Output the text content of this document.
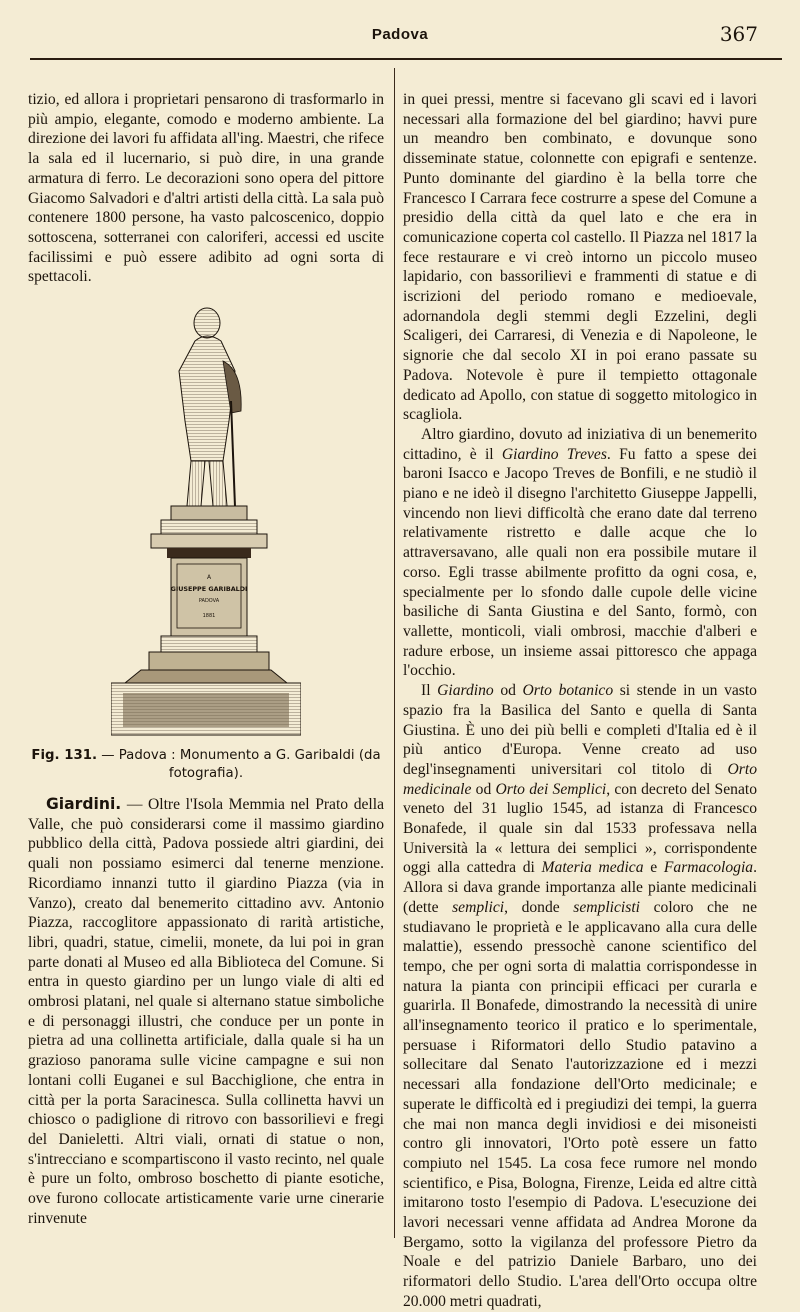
Padova	367

tizio, ed allora i proprietari pensarono di trasformarlo in più ampio, elegante, comodo e moderno ambiente. La direzione dei lavori fu affidata all'ing. Maestri, che rifece la sala ed il lucernario, si può dire, in una grande armatura di ferro. Le decorazioni sono opera del pittore Giacomo Salvadori e d'altri artisti della città. La sala può contenere 1800 persone, ha vasto palcoscenico, doppio sottoscena, sotterranei con caloriferi, accessi ed uscite facilissimi e può essere adibito ad ogni sorta di spettacoli.

A
GIUSEPPE GARIBALDI
PADOVA
1881
Fig. 131. — Padova : Monumento a G. Garibaldi (da fotografia).

Giardini. — Oltre l'Isola Memmia nel Prato della Valle, che può considerarsi come il massimo giardino pubblico della città, Padova possiede altri giardini, dei quali non possiamo esimerci dal tenerne menzione. Ricordiamo innanzi tutto il giardino Piazza (via in Vanzo), creato dal benemerito cittadino avv. Antonio Piazza, raccoglitore appassionato di rarità artistiche, libri, quadri, statue, cimelii, monete, da lui poi in gran parte donati al Museo ed alla Biblioteca del Comune. Si entra in questo giardino per un lungo viale di alti ed ombrosi platani, nel quale si alternano statue simboliche e di personaggi illustri, che conduce per un ponte in pietra ad una collinetta artificiale, dalla quale si ha un grazioso panorama sulle vicine campagne e sui non lontani colli Euganei e sul Bacchiglione, che entra in città per la porta Saracinesca. Sulla collinetta havvi un chiosco o padiglione di ritrovo con bassorilievi e fregi del Danieletti. Altri viali, ornati di statue o non, s'intrecciano e scompartiscono il vasto recinto, nel quale è pure un folto, ombroso boschetto di piante esotiche, ove furono collocate artisticamente varie urne cinerarie rinvenute

in quei pressi, mentre si facevano gli scavi ed i lavori necessari alla formazione del bel giardino; havvi pure un meandro ben combinato, e dovunque sono disseminate statue, colonnette con epigrafi e sentenze. Punto dominante del giardino è la bella torre che Francesco I Carrara fece costrurre a spese del Comune a presidio della città da quel lato e che era in comunicazione coperta col castello. Il Piazza nel 1817 la fece restaurare e vi creò intorno un piccolo museo lapidario, con bassorilievi e frammenti di statue e di iscrizioni del periodo romano e medioevale, adornandola degli stemmi degli Ezzelini, degli Scaligeri, dei Carraresi, di Venezia e di Napoleone, le signorie che dal secolo XI in poi erano passate su Padova. Notevole è pure il tempietto ottagonale dedicato ad Apollo, con statue di soggetto mitologico in scagliola.

Altro giardino, dovuto ad iniziativa di un benemerito cittadino, è il Giardino Treves. Fu fatto a spese dei baroni Isacco e Jacopo Treves de Bonfili, e ne studiò il piano e ne ideò il disegno l'architetto Giuseppe Jappelli, vincendo non lievi difficoltà che erano date dal terreno relativamente ristretto e dalle acque che lo attraversavano, alle quali non era possibile mutare il corso. Egli trasse abilmente profitto da ogni cosa, e, specialmente per lo sfondo dalle cupole delle vicine basiliche di Santa Giustina e del Santo, formò, con vallette, monticoli, viali ombrosi, macchie d'alberi e radure erbose, un insieme assai pittoresco che appaga l'occhio.

Il Giardino od Orto botanico si stende in un vasto spazio fra la Basilica del Santo e quella di Santa Giustina. È uno dei più belli e completi d'Italia ed è il più antico d'Europa. Venne creato ad uso degl'insegnamenti universitari col titolo di Orto medicinale od Orto dei Semplici, con decreto del Senato veneto del 31 luglio 1545, ad istanza di Francesco Bonafede, il quale sin dal 1533 professava nella Università la « lettura dei semplici », corrispondente oggi alla cattedra di Materia medica e Farmacologia. Allora si dava grande importanza alle piante medicinali (dette semplici, donde semplicisti coloro che ne studiavano le proprietà e le applicavano alla cura delle malattie), essendo pressochè canone scientifico del tempo, che per ogni sorta di malattia corrispondesse in natura la pianta con principii efficaci per curarla e guarirla. Il Bonafede, dimostrando la necessità di unire all'insegnamento teorico il pratico e lo sperimentale, persuase i Riformatori dello Studio patavino a sollecitare dal Senato l'autorizzazione ed i mezzi necessari alla fondazione dell'Orto medicinale; e superate le difficoltà ed i pregiudizi dei tempi, la guerra che mai non manca degli invidiosi e dei misoneisti contro gli innovatori, l'Orto potè essere un fatto compiuto nel 1545. La cosa fece rumore nel mondo scientifico, e Pisa, Bologna, Firenze, Leida ed altre città imitarono tosto l'esempio di Padova. L'esecuzione dei lavori necessari venne affidata ad Andrea Morone da Bergamo, sotto la vigilanza del professore Pietro da Noale e del patrizio Daniele Barbaro, uno dei riformatori dello Studio. L'area dell'Orto occupa oltre 20.000 metri quadrati,
